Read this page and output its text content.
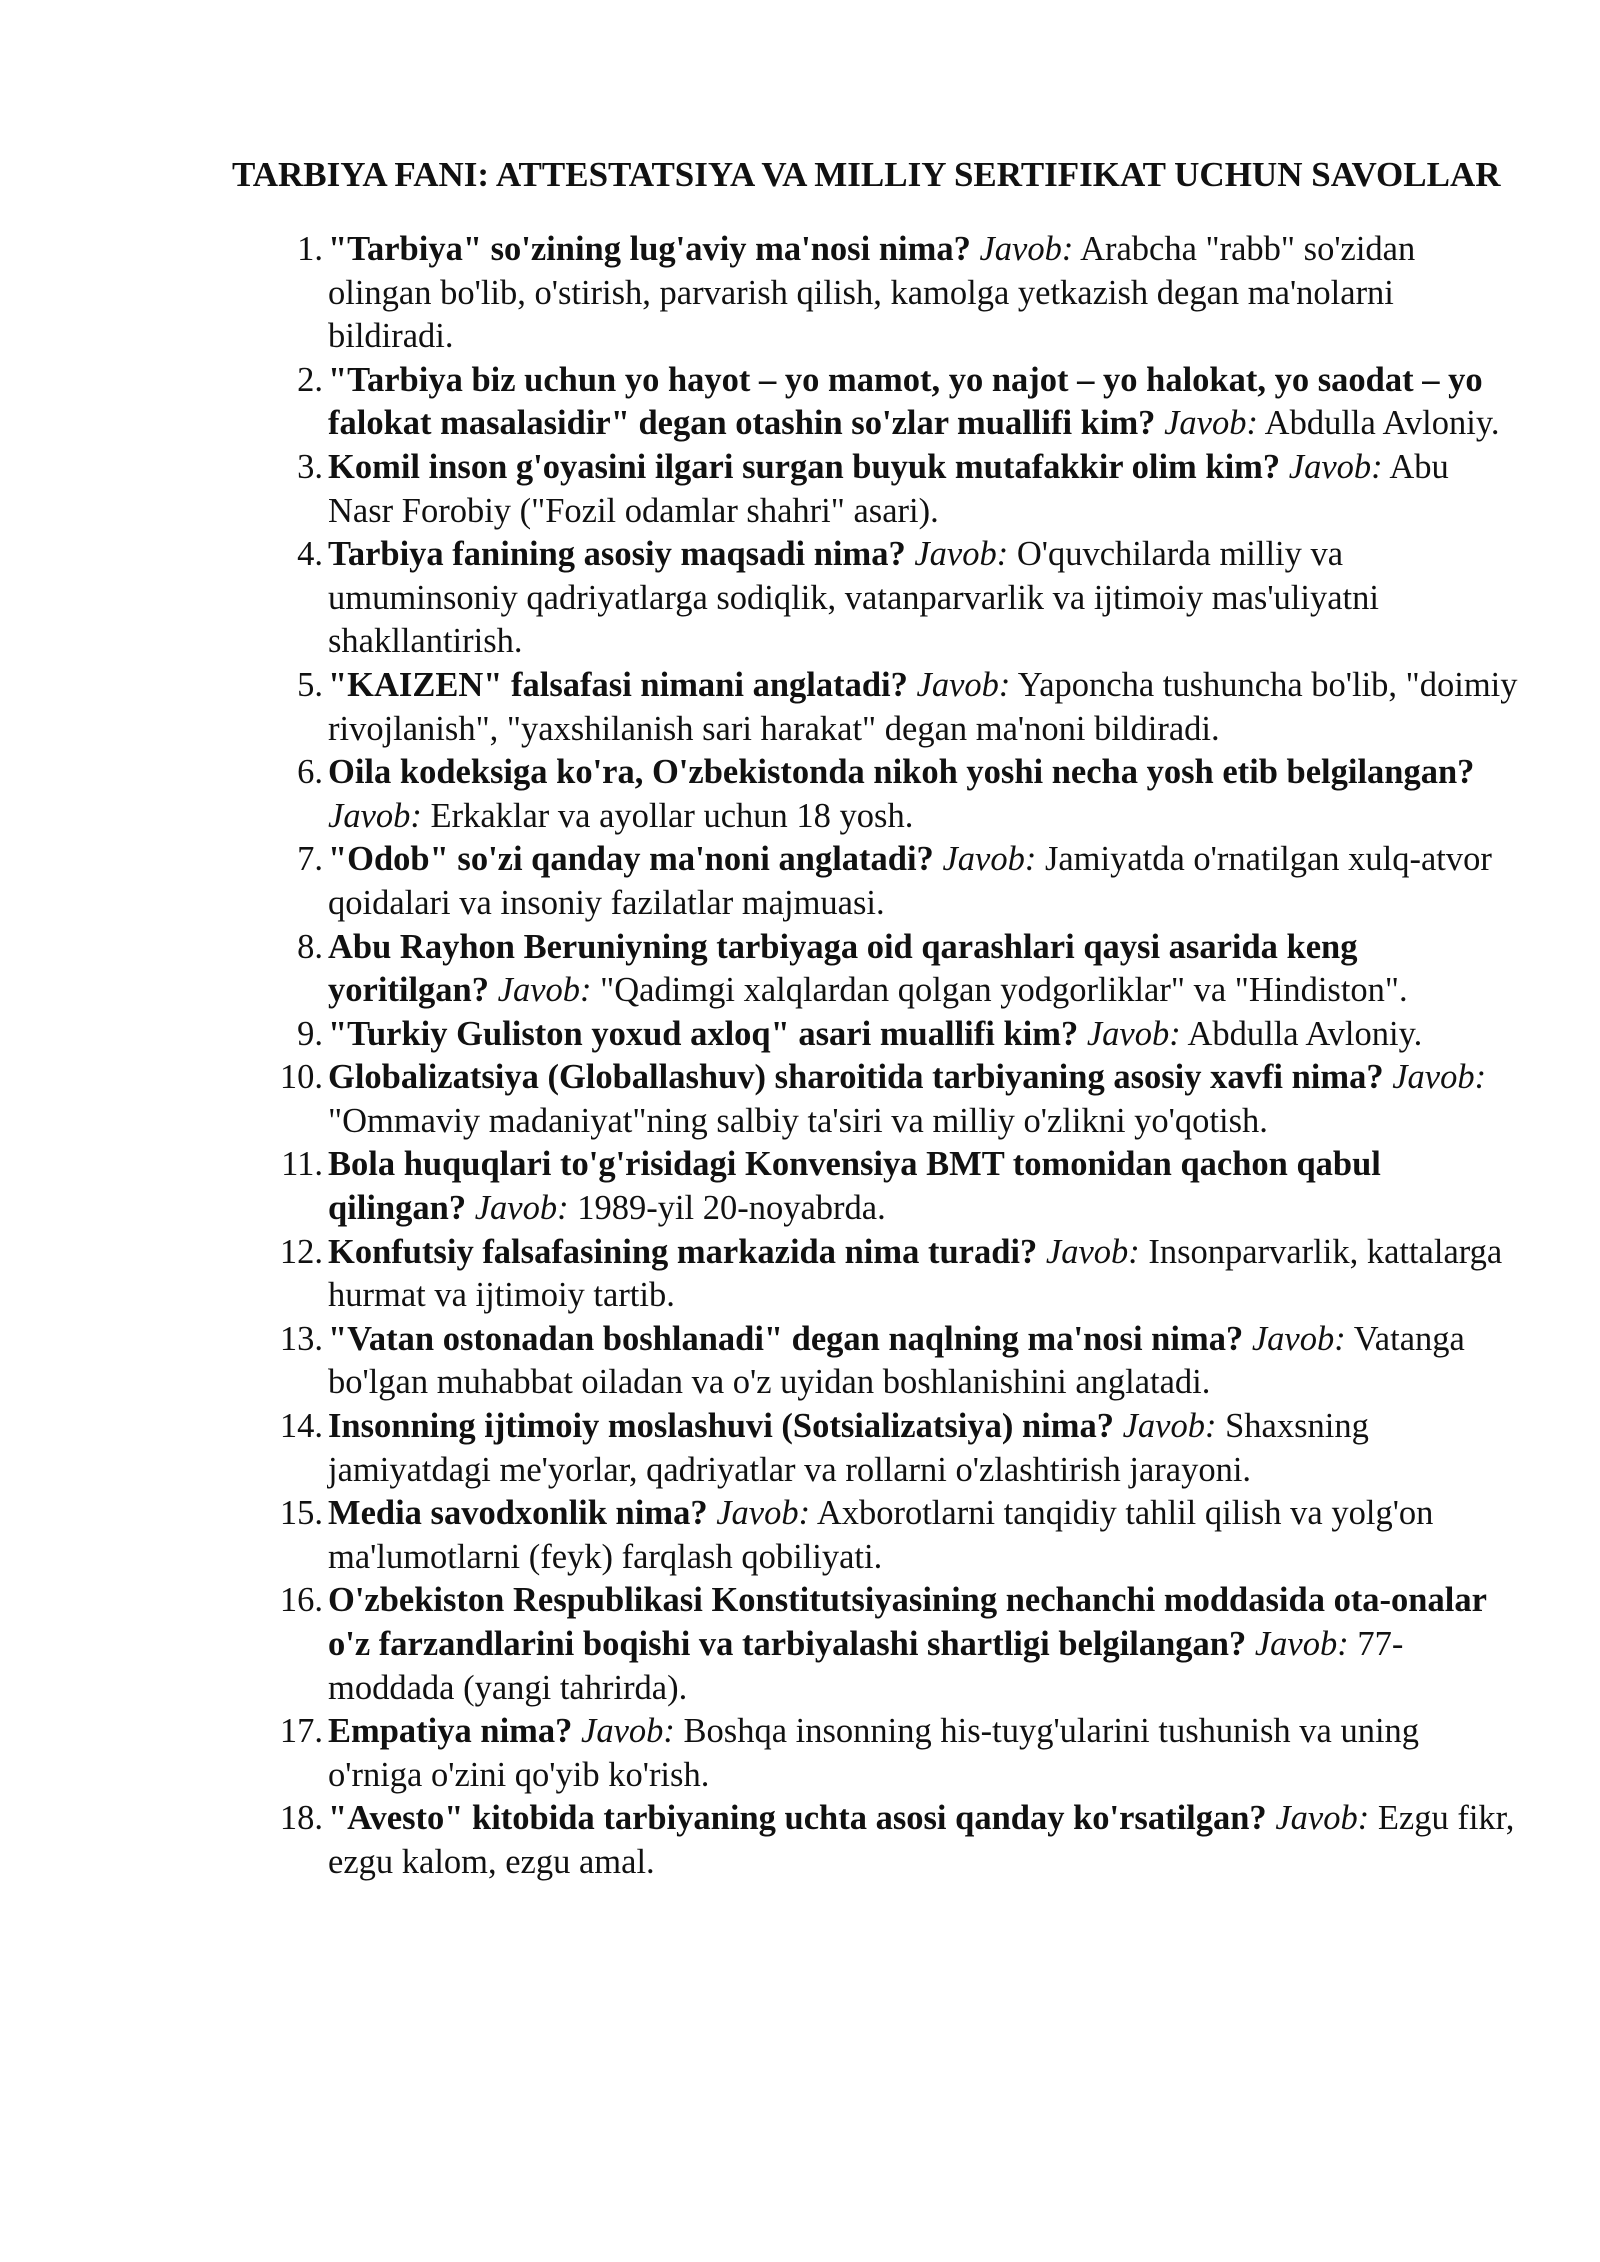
TARBIYA FANI: ATTESTATSIYA VA MILLIY SERTIFIKAT UCHUN SAVOLLAR
1. "Tarbiya" so'zining lug'aviy ma'nosi nima? Javob: Arabcha "rabb" so'zidan olingan bo'lib, o'stirish, parvarish qilish, kamolga yetkazish degan ma'nolarni bildiradi.
2. "Tarbiya biz uchun yo hayot – yo mamot, yo najot – yo halokat, yo saodat – yo falokat masalasidir" degan otashin so'zlar muallifi kim? Javob: Abdulla Avloniy.
3. Komil inson g'oyasini ilgari surgan buyuk mutafakkir olim kim? Javob: Abu Nasr Forobiy ("Fozil odamlar shahri" asari).
4. Tarbiya fanining asosiy maqsadi nima? Javob: O'quvchilarda milliy va umuminsoniy qadriyatlarga sodiqlik, vatanparvarlik va ijtimoiy mas'uliyatni shakllantirish.
5. "KAIZEN" falsafasi nimani anglatadi? Javob: Yaponcha tushuncha bo'lib, "doimiy rivojlanish", "yaxshilanish sari harakat" degan ma'noni bildiradi.
6. Oila kodeksiga ko'ra, O'zbekistonda nikoh yoshi necha yosh etib belgilangan? Javob: Erkaklar va ayollar uchun 18 yosh.
7. "Odob" so'zi qanday ma'noni anglatadi? Javob: Jamiyatda o'rnatilgan xulq-atvor qoidalari va insoniy fazilatlar majmuasi.
8. Abu Rayhon Beruniyning tarbiyaga oid qarashlari qaysi asarida keng yoritilgan? Javob: "Qadimgi xalqlardan qolgan yodgorliklar" va "Hindiston".
9. "Turkiy Guliston yoxud axloq" asari muallifi kim? Javob: Abdulla Avloniy.
10. Globalizatsiya (Globallashuv) sharoitida tarbiyaning asosiy xavfi nima? Javob: "Ommaviy madaniyat"ning salbiy ta'siri va milliy o'zlikni yo'qotish.
11. Bola huquqlari to'g'risidagi Konvensiya BMT tomonidan qachon qabul qilingan? Javob: 1989-yil 20-noyabrda.
12. Konfutsiy falsafasining markazida nima turadi? Javob: Insonparvarlik, kattalarga hurmat va ijtimoiy tartib.
13. "Vatan ostonadan boshlanadi" degan naqlning ma'nosi nima? Javob: Vatanga bo'lgan muhabbat oiladan va o'z uyidan boshlanishini anglatadi.
14. Insonning ijtimoiy moslashuvi (Sotsializatsiya) nima? Javob: Shaxsning jamiyatdagi me'yorlar, qadriyatlar va rollarni o'zlashtirish jarayoni.
15. Media savodxonlik nima? Javob: Axborotlarni tanqidiy tahlil qilish va yolg'on ma'lumotlarni (feyk) farqlash qobiliyati.
16. O'zbekiston Respublikasi Konstitutsiyasining nechanchi moddasida ota-onalar o'z farzandlarini boqishi va tarbiyalashi shartligi belgilangan? Javob: 77-moddada (yangi tahrirda).
17. Empatiya nima? Javob: Boshqa insonning his-tuyg'ularini tushunish va uning o'rniga o'zini qo'yib ko'rish.
18. "Avesto" kitobida tarbiyaning uchta asosi qanday ko'rsatilgan? Javob: Ezgu fikr, ezgu kalom, ezgu amal.
